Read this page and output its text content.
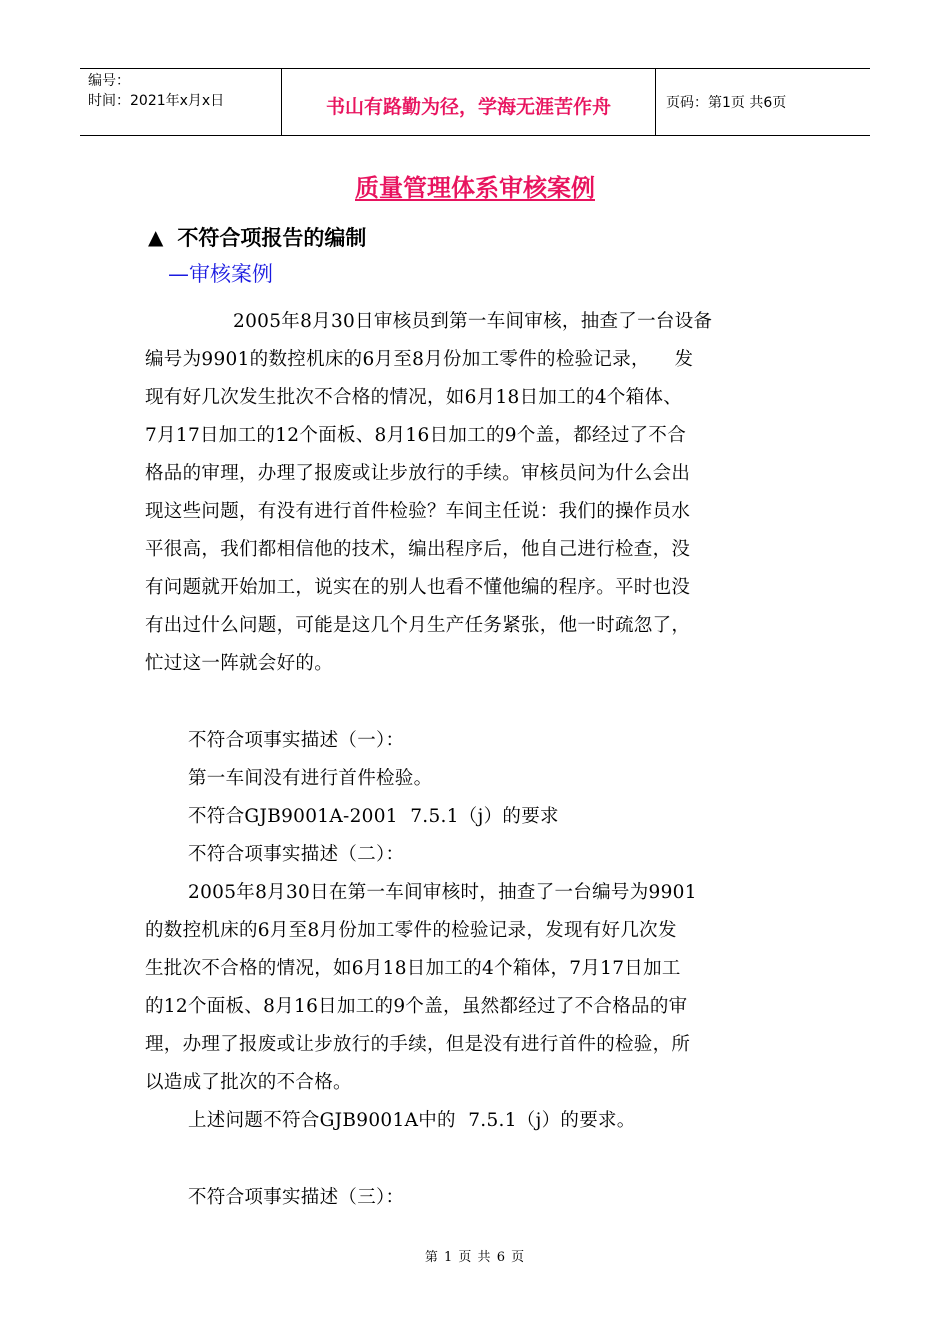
编号：
时间：2021年x月x日	书山有路勤为径，学海无涯苦作舟	页码：第1页 共6页
质量管理体系审核案例
▲ 不符合项报告的编制
—审核案例
2005年8月30日审核员到第一车间审核，抽查了一台设备
编号为9901的数控机床的6月至8月份加工零件的检验记录，    发
现有好几次发生批次不合格的情况，如6月18日加工的4个箱体、
7月17日加工的12个面板、8月16日加工的9个盖，都经过了不合
格品的审理，办理了报废或让步放行的手续。审核员问为什么会出
现这些问题，有没有进行首件检验？车间主任说：我们的操作员水
平很高，我们都相信他的技术，编出程序后，他自己进行检查，没
有问题就开始加工，说实在的别人也看不懂他编的程序。平时也没
有出过什么问题，可能是这几个月生产任务紧张，他一时疏忽了，
忙过这一阵就会好的。
不符合项事实描述（一）：
第一车间没有进行首件检验。
不符合GJB9001A-2001  7.5.1（j）的要求
不符合项事实描述（二）：
2005年8月30日在第一车间审核时，抽查了一台编号为9901
的数控机床的6月至8月份加工零件的检验记录，发现有好几次发
生批次不合格的情况，如6月18日加工的4个箱体，7月17日加工
的12个面板、8月16日加工的9个盖，虽然都经过了不合格品的审
理，办理了报废或让步放行的手续，但是没有进行首件的检验，所
以造成了批次的不合格。
上述问题不符合GJB9001A中的  7.5.1（j）的要求。
不符合项事实描述（三）：
第 1 页 共 6 页
